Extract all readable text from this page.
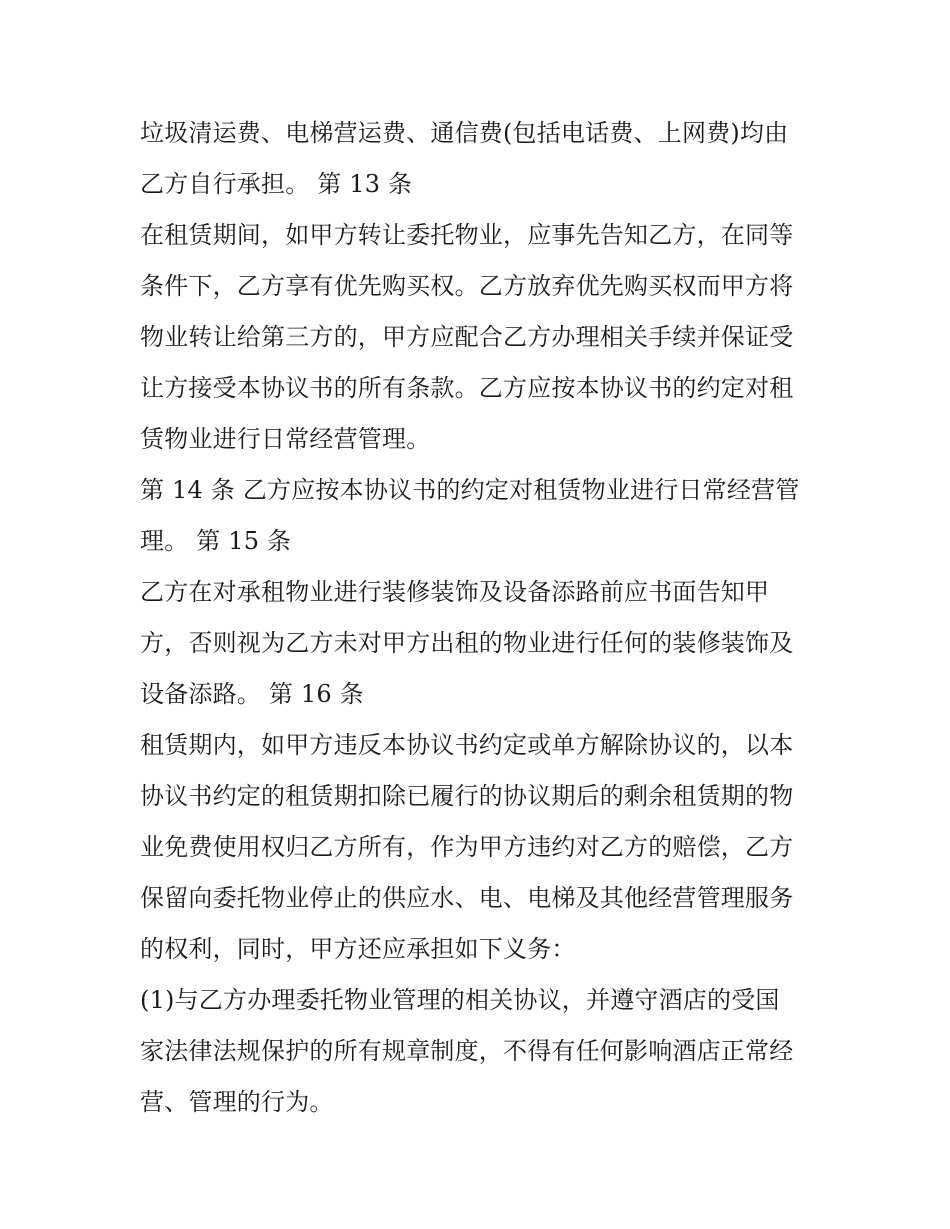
垃圾清运费、电梯营运费、通信费(包括电话费、上网费)均由
乙方自行承担。 第 13 条
在租赁期间，如甲方转让委托物业，应事先告知乙方，在同等
条件下，乙方享有优先购买权。乙方放弃优先购买权而甲方将
物业转让给第三方的，甲方应配合乙方办理相关手续并保证受
让方接受本协议书的所有条款。乙方应按本协议书的约定对租
赁物业进行日常经营管理。
第 14 条 乙方应按本协议书的约定对租赁物业进行日常经营管
理。 第 15 条
乙方在对承租物业进行装修装饰及设备添路前应书面告知甲
方，否则视为乙方未对甲方出租的物业进行任何的装修装饰及
设备添路。 第 16 条
租赁期内，如甲方违反本协议书约定或单方解除协议的，以本
协议书约定的租赁期扣除已履行的协议期后的剩余租赁期的物
业免费使用权归乙方所有，作为甲方违约对乙方的赔偿，乙方
保留向委托物业停止的供应水、电、电梯及其他经营管理服务
的权利，同时，甲方还应承担如下义务：
(1)与乙方办理委托物业管理的相关协议，并遵守酒店的受国
家法律法规保护的所有规章制度，不得有任何影响酒店正常经
营、管理的行为。
